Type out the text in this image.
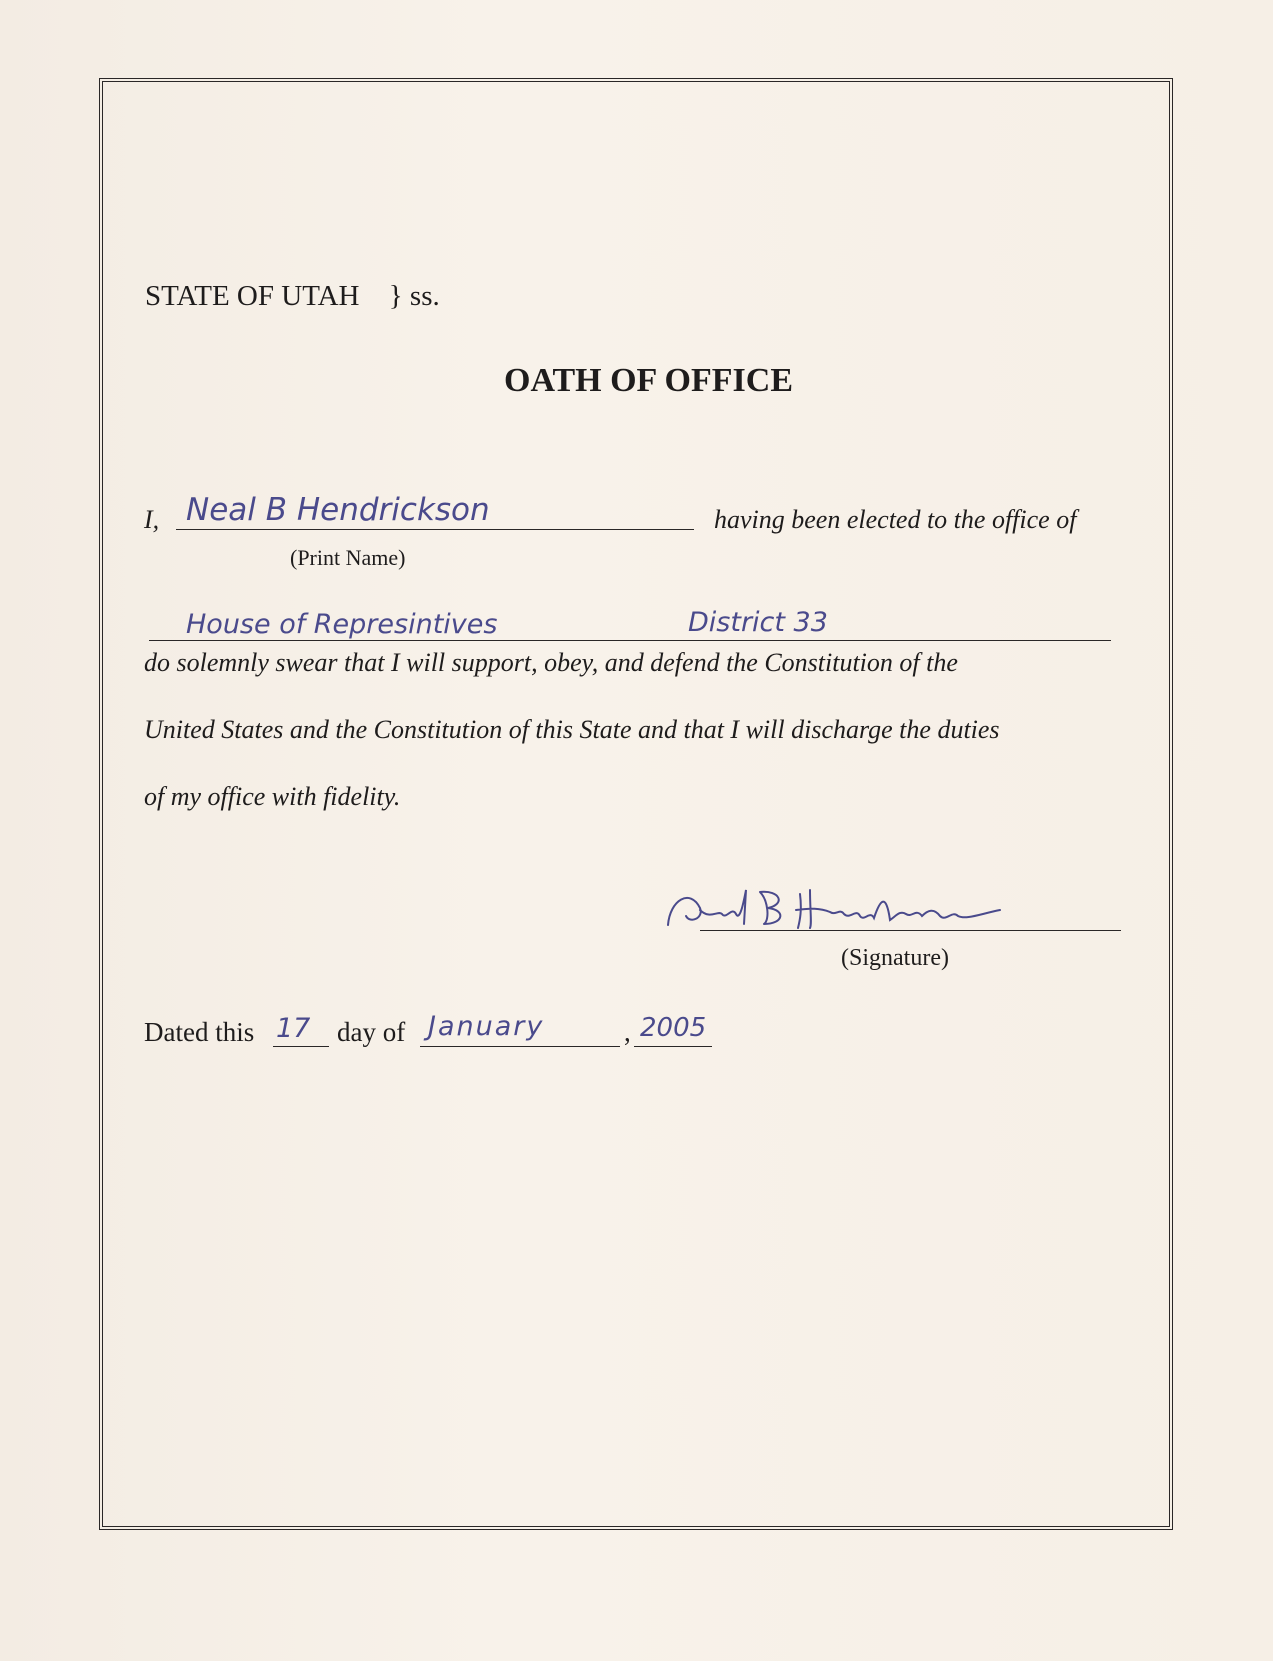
STATE OF UTAH } ss.
OATH OF OFFICE
I, Neal B Hendrickson
(Print Name)
having been elected to the office of
House of Represintives	District 33
do solemnly swear that I will support, obey, and defend the Constitution of the
United States and the Constitution of this State and that I will discharge the duties
of my office with fidelity.
(Signature)
Dated this 17 day of January	, 2005
